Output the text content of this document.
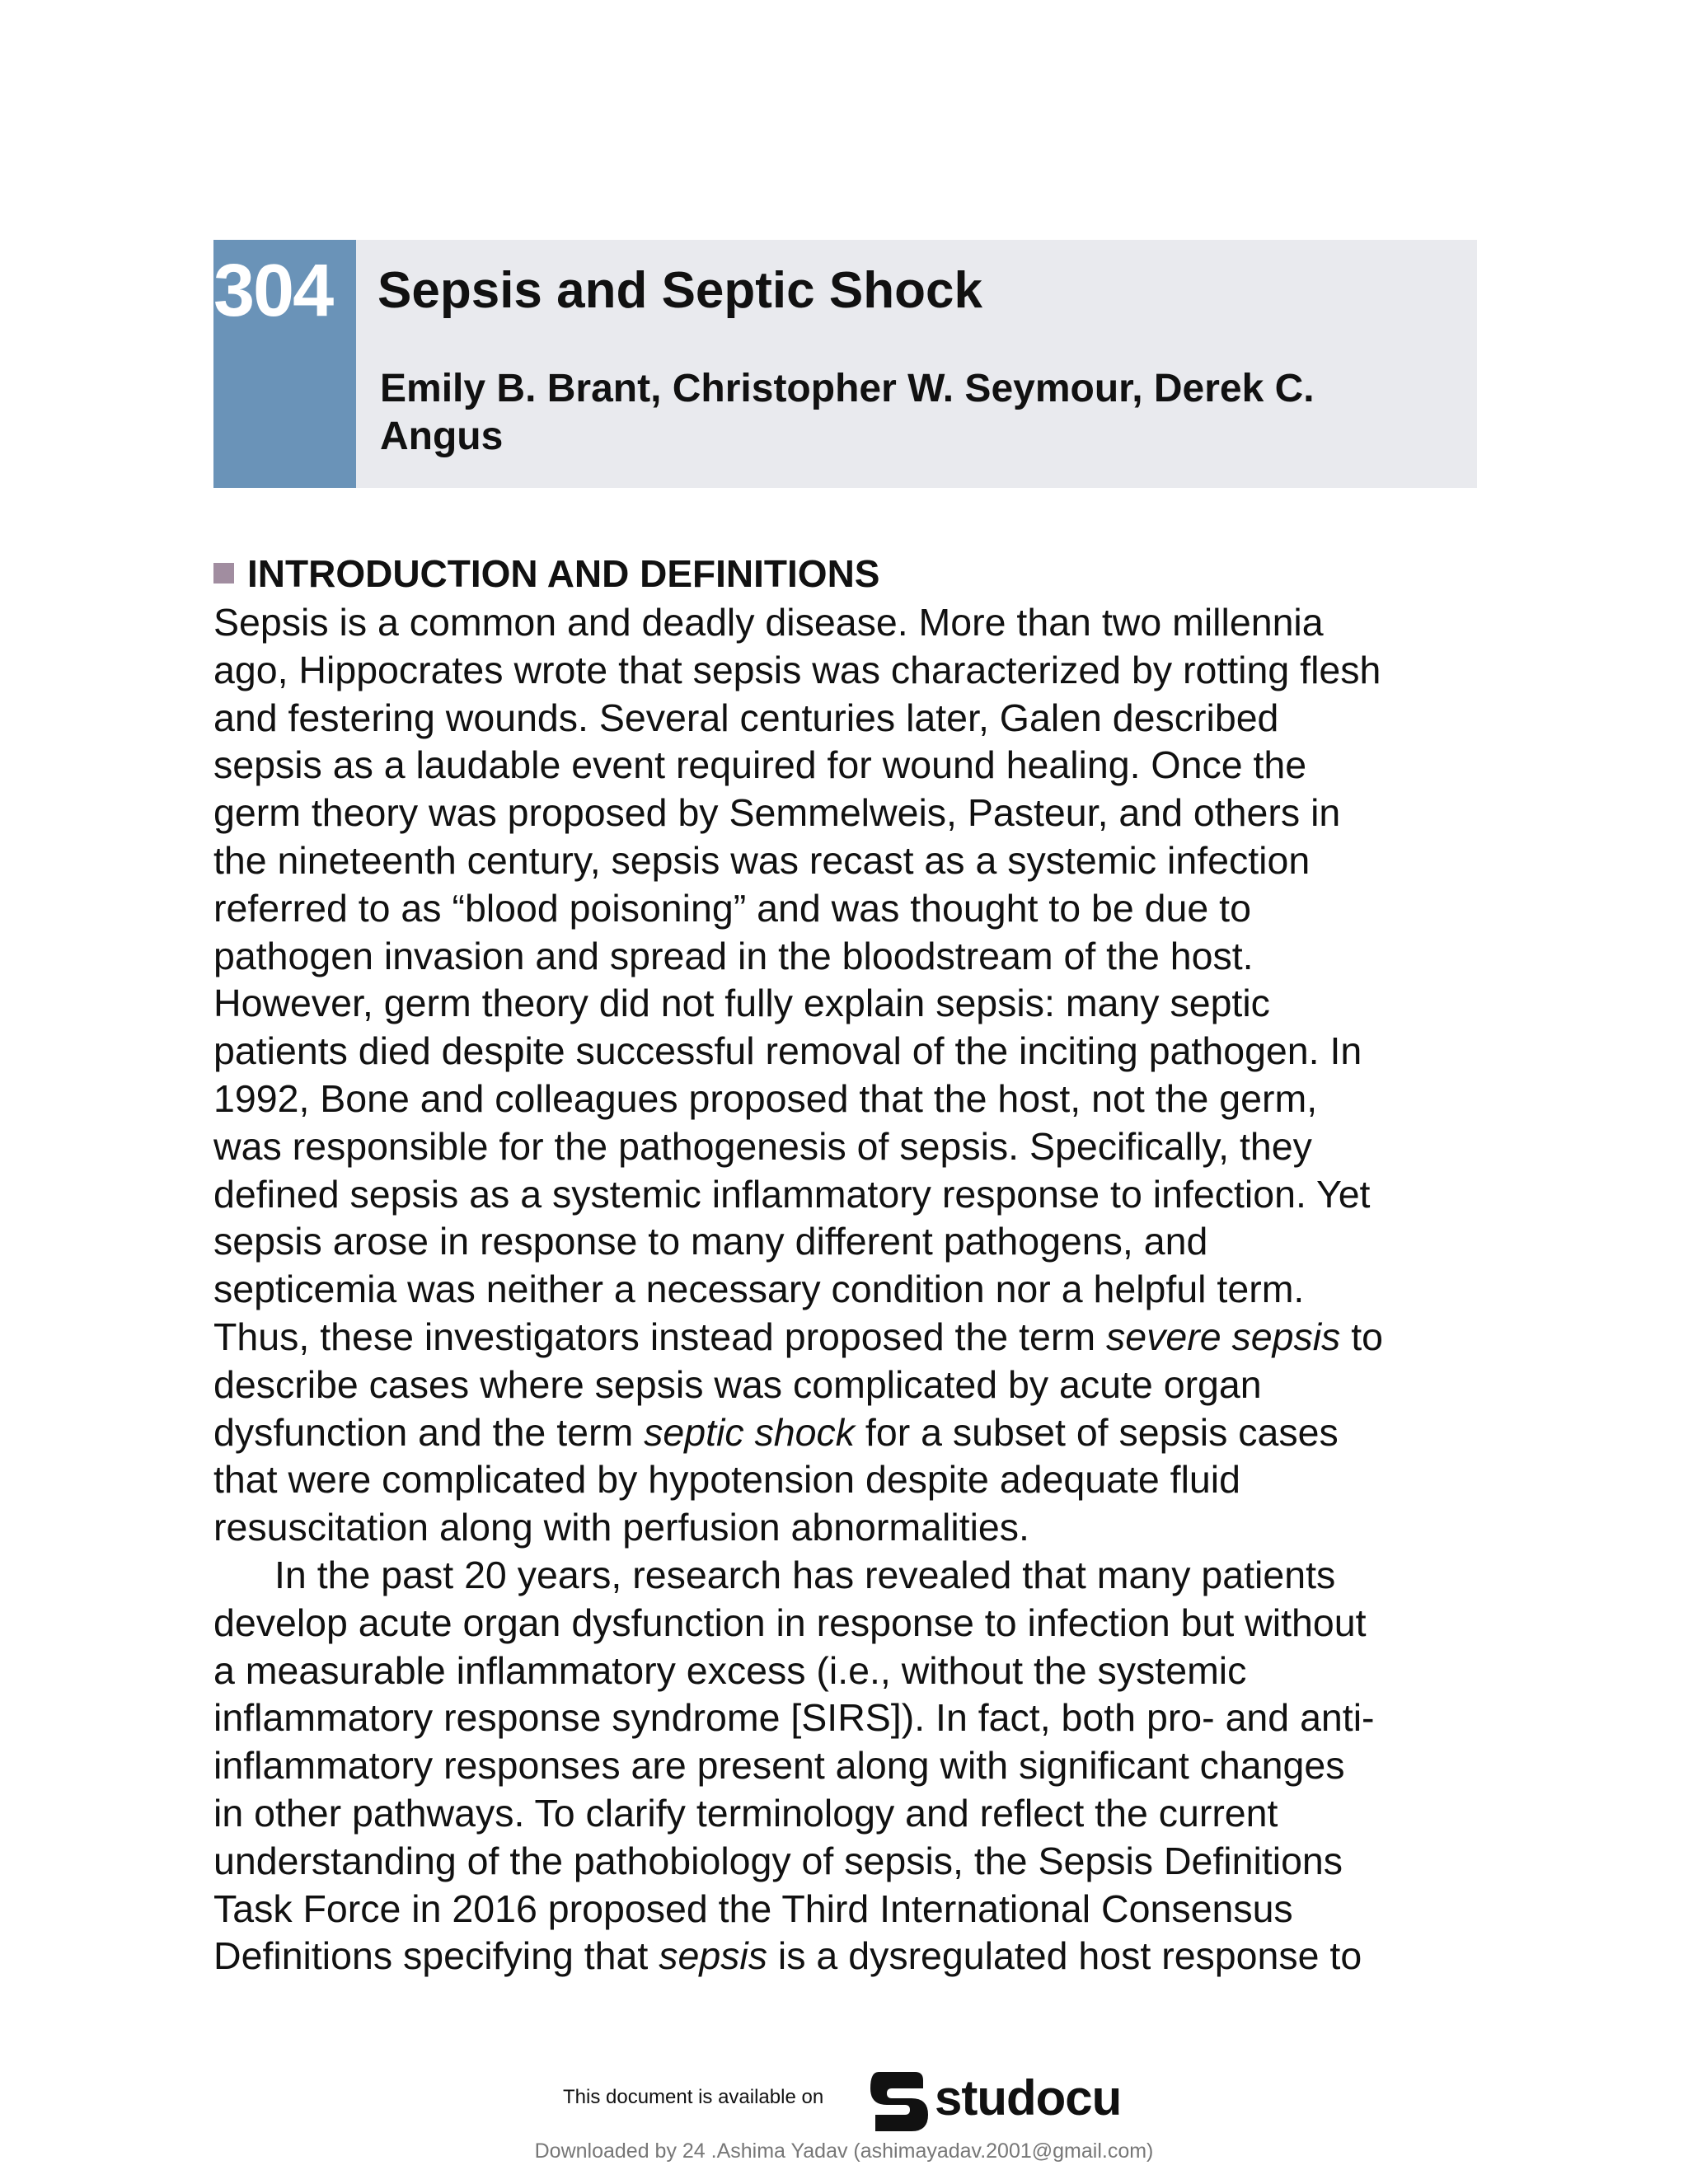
304 Sepsis and Septic Shock
Emily B. Brant, Christopher W. Seymour, Derek C. Angus
INTRODUCTION AND DEFINITIONS
Sepsis is a common and deadly disease. More than two millennia
ago, Hippocrates wrote that sepsis was characterized by rotting flesh
and festering wounds. Several centuries later, Galen described
sepsis as a laudable event required for wound healing. Once the
germ theory was proposed by Semmelweis, Pasteur, and others in
the nineteenth century, sepsis was recast as a systemic infection
referred to as “blood poisoning” and was thought to be due to
pathogen invasion and spread in the bloodstream of the host.
However, germ theory did not fully explain sepsis: many septic
patients died despite successful removal of the inciting pathogen. In
1992, Bone and colleagues proposed that the host, not the germ,
was responsible for the pathogenesis of sepsis. Specifically, they
defined sepsis as a systemic inflammatory response to infection. Yet
sepsis arose in response to many different pathogens, and
septicemia was neither a necessary condition nor a helpful term.
Thus, these investigators instead proposed the term severe sepsis to
describe cases where sepsis was complicated by acute organ
dysfunction and the term septic shock for a subset of sepsis cases
that were complicated by hypotension despite adequate fluid
resuscitation along with perfusion abnormalities.
In the past 20 years, research has revealed that many patients
develop acute organ dysfunction in response to infection but without
a measurable inflammatory excess (i.e., without the systemic
inflammatory response syndrome [SIRS]). In fact, both pro- and anti-
inflammatory responses are present along with significant changes
in other pathways. To clarify terminology and reflect the current
understanding of the pathobiology of sepsis, the Sepsis Definitions
Task Force in 2016 proposed the Third International Consensus
Definitions specifying that sepsis is a dysregulated host response to
This document is available on studocu
Downloaded by 24 .Ashima Yadav (ashimayadav.2001@gmail.com)
